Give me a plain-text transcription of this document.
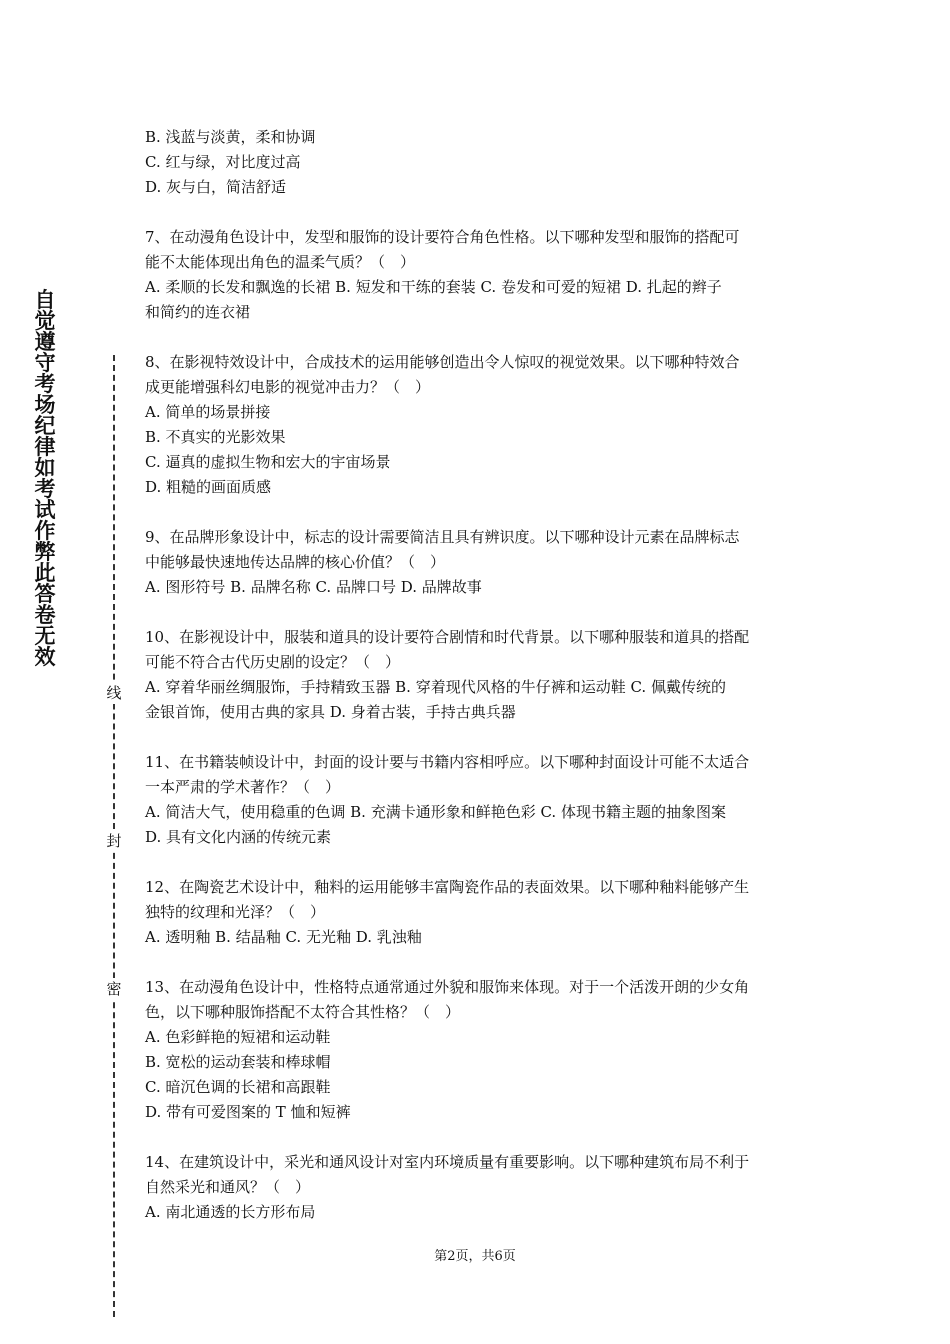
自觉遵守考场纪律如考试作弊此答卷无效
线
封
密

B. 浅蓝与淡黄，柔和协调

C. 红与绿，对比度过高

D. 灰与白，简洁舒适

7、在动漫角色设计中，发型和服饰的设计要符合角色性格。以下哪种发型和服饰的搭配可

能不太能体现出角色的温柔气质？（　）

A. 柔顺的长发和飘逸的长裙 B. 短发和干练的套装 C. 卷发和可爱的短裙 D. 扎起的辫子

和简约的连衣裙

8、在影视特效设计中，合成技术的运用能够创造出令人惊叹的视觉效果。以下哪种特效合

成更能增强科幻电影的视觉冲击力？（　）

A. 简单的场景拼接

B. 不真实的光影效果

C. 逼真的虚拟生物和宏大的宇宙场景

D. 粗糙的画面质感

9、在品牌形象设计中，标志的设计需要简洁且具有辨识度。以下哪种设计元素在品牌标志

中能够最快速地传达品牌的核心价值？（　）

A. 图形符号 B. 品牌名称 C. 品牌口号 D. 品牌故事

10、在影视设计中，服装和道具的设计要符合剧情和时代背景。以下哪种服装和道具的搭配

可能不符合古代历史剧的设定？（　）

A. 穿着华丽丝绸服饰，手持精致玉器 B. 穿着现代风格的牛仔裤和运动鞋 C. 佩戴传统的

金银首饰，使用古典的家具 D. 身着古装，手持古典兵器

11、在书籍装帧设计中，封面的设计要与书籍内容相呼应。以下哪种封面设计可能不太适合

一本严肃的学术著作？（　）

A. 简洁大气，使用稳重的色调 B. 充满卡通形象和鲜艳色彩 C. 体现书籍主题的抽象图案

D. 具有文化内涵的传统元素

12、在陶瓷艺术设计中，釉料的运用能够丰富陶瓷作品的表面效果。以下哪种釉料能够产生

独特的纹理和光泽？（　）

A. 透明釉 B. 结晶釉 C. 无光釉 D. 乳浊釉

13、在动漫角色设计中，性格特点通常通过外貌和服饰来体现。对于一个活泼开朗的少女角

色，以下哪种服饰搭配不太符合其性格？（　）

A. 色彩鲜艳的短裙和运动鞋

B. 宽松的运动套装和棒球帽

C. 暗沉色调的长裙和高跟鞋

D. 带有可爱图案的 T 恤和短裤

14、在建筑设计中，采光和通风设计对室内环境质量有重要影响。以下哪种建筑布局不利于

自然采光和通风？（　）

A. 南北通透的长方形布局

第2页，共6页
